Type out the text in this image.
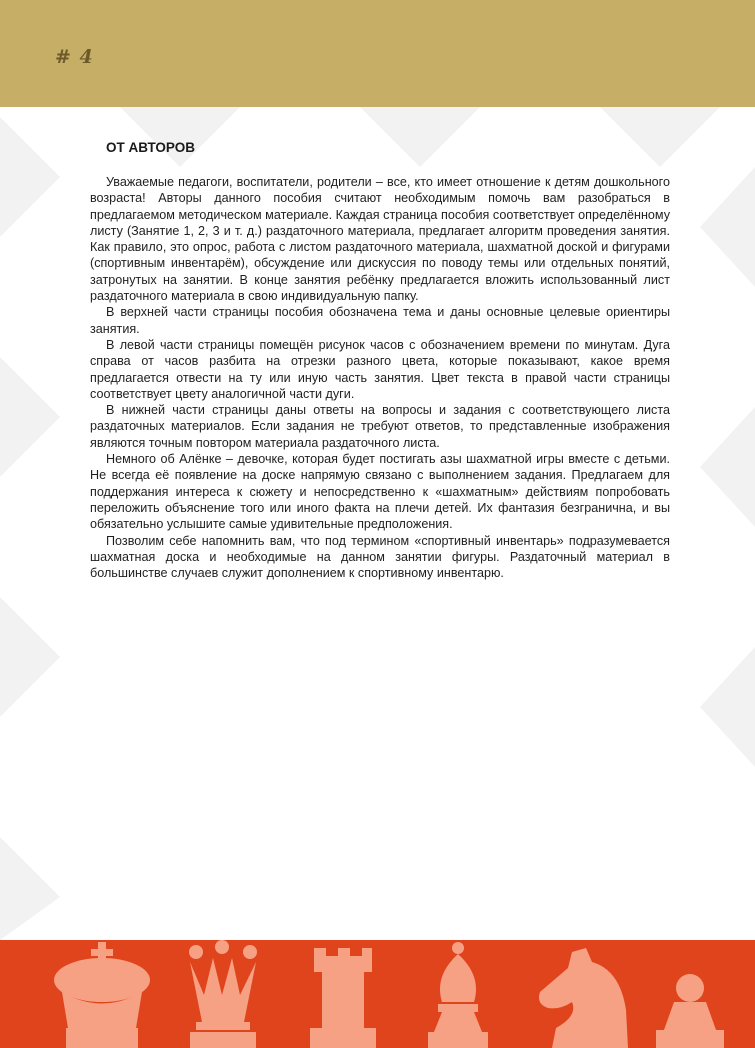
# 4
ОТ АВТОРОВ

Уважаемые педагоги, воспитатели, родители – все, кто имеет отношение к детям дошкольного возраста! Авторы данного пособия считают необходимым помочь вам разобраться в предлагаемом методическом материале. Каждая страница пособия соответствует определённому листу (Занятие 1, 2, 3 и т. д.) раздаточного материала, предлагает алгоритм проведения занятия. Как правило, это опрос, работа с листом раздаточного материала, шахматной доской и фигурами (спортивным инвентарём), обсуждение или дискуссия по поводу темы или отдельных понятий, затронутых на занятии. В конце занятия ребёнку предлагается вложить использованный лист раздаточного материала в свою индивидуальную папку.

В верхней части страницы пособия обозначена тема и даны основные целевые ориентиры занятия.

В левой части страницы помещён рисунок часов с обозначением времени по минутам. Дуга справа от часов разбита на отрезки разного цвета, которые показывают, какое время предлагается отвести на ту или иную часть занятия. Цвет текста в правой части страницы соответствует цвету аналогичной части дуги.

В нижней части страницы даны ответы на вопросы и задания с соответствующего листа раздаточных материалов. Если задания не требуют ответов, то представленные изображения являются точным повтором материала раздаточного листа.

Немного об Алёнке – девочке, которая будет постигать азы шахматной игры вместе с детьми. Не всегда её появление на доске напрямую связано с выполнением задания. Предлагаем для поддержания интереса к сюжету и непосредственно к «шахматным» действиям попробовать переложить объяснение того или иного факта на плечи детей. Их фантазия безгранична, и вы обязательно услышите самые удивительные предположения.

Позволим себе напомнить вам, что под термином «спортивный инвентарь» подразумевается шахматная доска и необходимые на данном занятии фигуры. Раздаточный материал в большинстве случаев служит дополнением к спортивному инвентарю.
